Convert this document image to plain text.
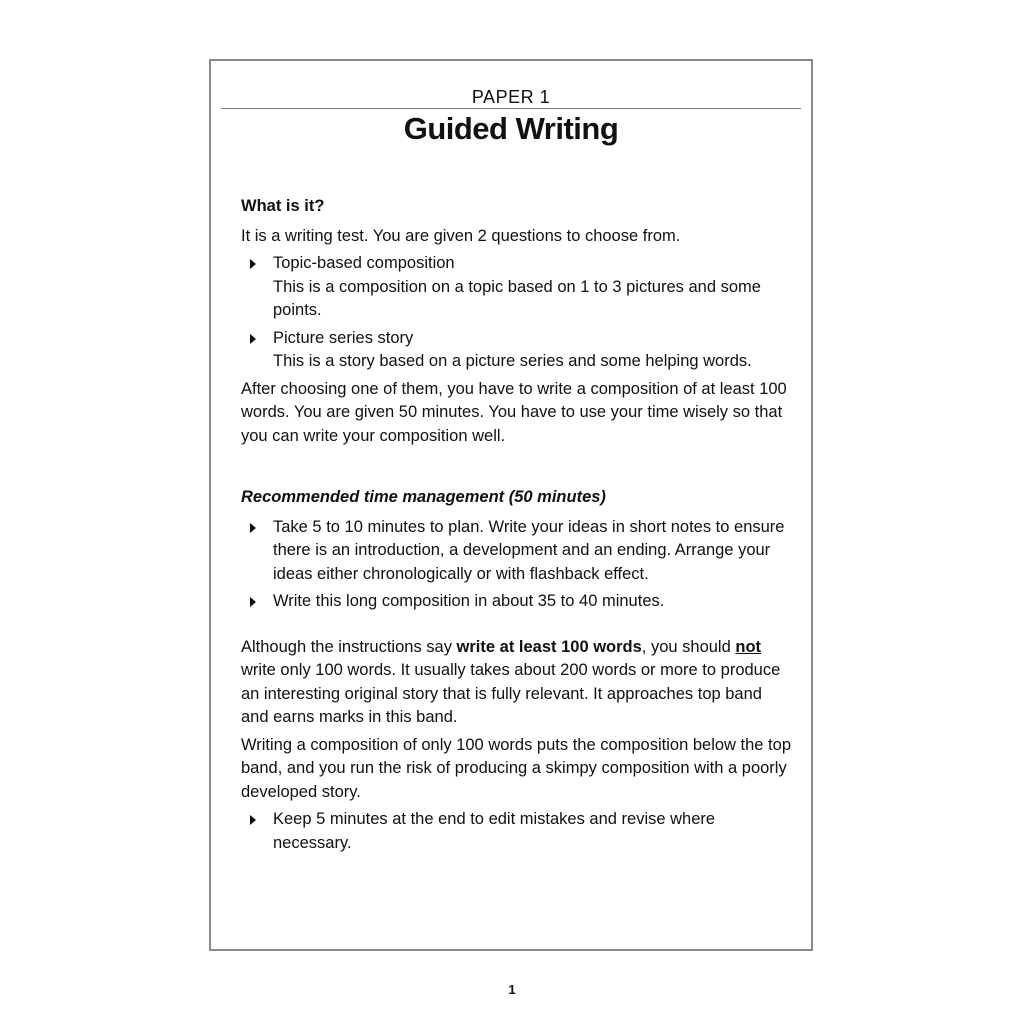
PAPER 1
Guided Writing
What is it?

It is a writing test. You are given 2 questions to choose from.

Topic-based composition
This is a composition on a topic based on 1 to 3 pictures and some points.
Picture series story
This is a story based on a picture series and some helping words.

After choosing one of them, you have to write a composition of at least 100 words. You are given 50 minutes. You have to use your time wisely so that you can write your composition well.

Recommended time management (50 minutes)
Take 5 to 10 minutes to plan. Write your ideas in short notes to ensure there is an introduction, a development and an ending. Arrange your ideas either chronologically or with flashback effect.
Write this long composition in about 35 to 40 minutes.

Although the instructions say write at least 100 words, you should not write only 100 words. It usually takes about 200 words or more to produce an interesting original story that is fully relevant. It approaches top band and earns marks in this band.

Writing a composition of only 100 words puts the composition below the top band, and you run the risk of producing a skimpy composition with a poorly developed story.

Keep 5 minutes at the end to edit mistakes and revise where necessary.
1
